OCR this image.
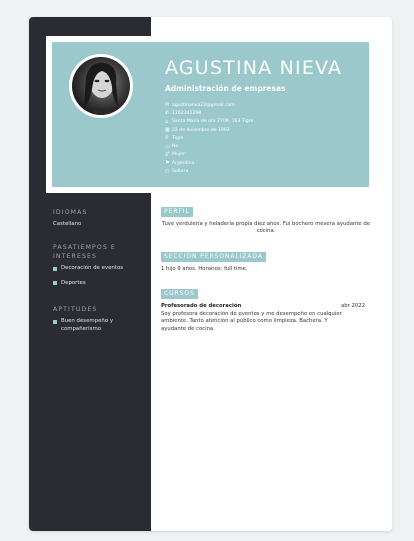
IDIOMAS
Castellano
PASATIEMPOS E INTERESES
Decoración de eventos
Deportes
APTITUDES
Buen desempeño y compañerismo
AGUSTINA NIEVA
Administración de empresas
✉ agustinanva22@gmail.com
✆ 1162341298
⌂ Santa Maria de oro 2709, 163 Tigre
▦ 22 de diciembre de 1992
⚲ Tigre
▭ No
⚥ Mujer
⚑ Argentina
⚇ Soltera
PERFIL
Tuve verdulería y heladería propia diez años. Fui bochero mesera ayudante de cocina.
SECCIÓN PERSONALIZADA
1 hijo 9 años. Horarios: full time.
CURSOS
Profesorado de decoración	abr 2022
Soy profesora decoración de eventos y me desempeño en cualquier ambiente. Tanto atención al público como limpieza. Bachera. Y ayudante de cocina.
